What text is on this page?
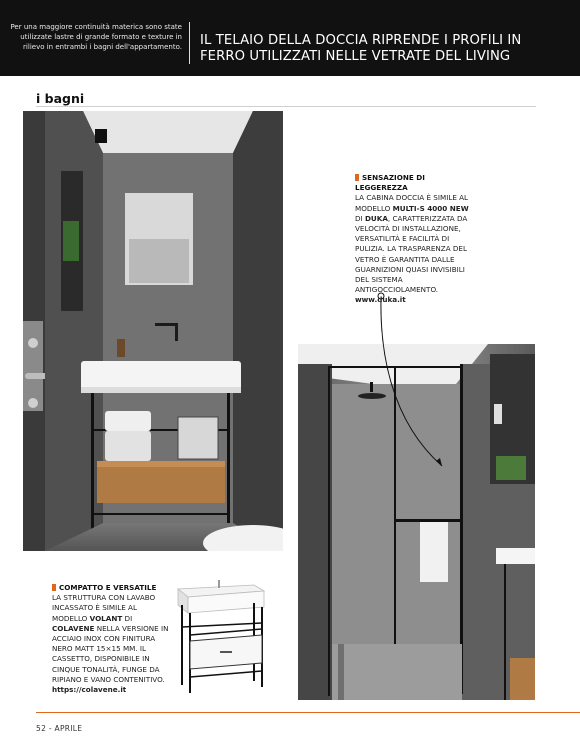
Per una maggiore continuità materica sono state utilizzate lastre di grande formato e texture in rilievo in entrambi i bagni dell'appartamento. IL TELAIO DELLA DOCCIA RIPRENDE I PROFILI IN FERRO UTILIZZATI NELLE VETRATE DEL LIVING
i bagni
SENSAZIONE DI LEGGEREZZA
LA CABINA DOCCIA È SIMILE AL MODELLO MULTI-S 4000 NEW DI DUKA, CARATTERIZZATA DA VELOCITÀ DI INSTALLAZIONE, VERSATILITÀ E FACILITÀ DI PULIZIA. LA TRASPARENZA DEL VETRO È GARANTITA DALLE GUARNIZIONI QUASI INVISIBILI DEL SISTEMA ANTIGOCCIOLAMENTO.
www.duka.it
COMPATTO E VERSATILE
LA STRUTTURA CON LAVABO INCASSATO È SIMILE AL MODELLO VOLANT DI COLAVENE NELLA VERSIONE IN ACCIAIO INOX CON FINITURA NERO MATT 15×15 MM. IL CASSETTO, DISPONIBILE IN CINQUE TONALITÀ, FUNGE DA RIPIANO E VANO CONTENITIVO.
https://colavene.it
52 - APRILE
